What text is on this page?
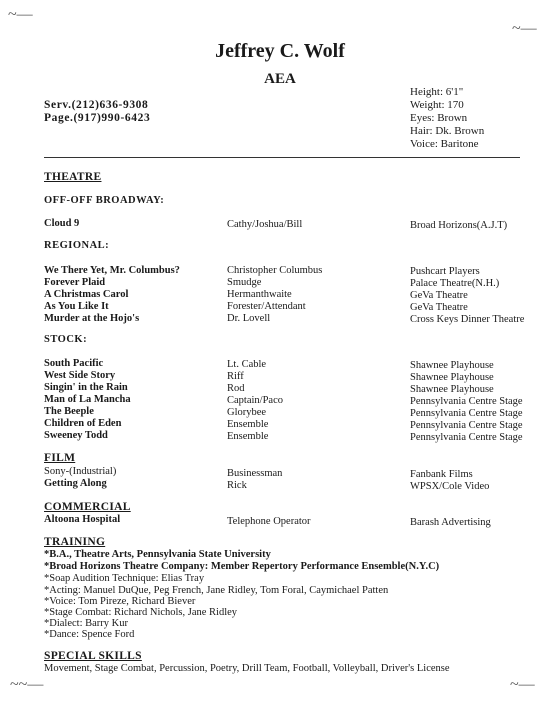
~—
~—
~~—	~—
Jeffrey C. Wolf
AEA
Serv.(212)636-9308
Page.(917)990-6423
Height: 6'1"
Weight: 170
Eyes: Brown
Hair: Dk. Brown
Voice: Baritone
THEATRE
OFF-OFF BROADWAY:
Cloud 9	Cathy/Joshua/Bill	Broad Horizons(A.J.T)
REGIONAL:
We There Yet, Mr. Columbus?	Christopher Columbus	Pushcart Players
Forever Plaid	Smudge	Palace Theatre(N.H.)
A Christmas Carol	Hermanthwaite	GeVa Theatre
As You Like It	Forester/Attendant	GeVa Theatre
Murder at the Hojo's	Dr. Lovell	Cross Keys Dinner Theatre
STOCK:
South Pacific	Lt. Cable	Shawnee Playhouse
West Side Story	Riff	Shawnee Playhouse
Singin' in the Rain	Rod	Shawnee Playhouse
Man of La Mancha	Captain/Paco	Pennsylvania Centre Stage
The Beeple	Glorybee	Pennsylvania Centre Stage
Children of Eden	Ensemble	Pennsylvania Centre Stage
Sweeney Todd	Ensemble	Pennsylvania Centre Stage
FILM
Sony-(Industrial)	Businessman	Fanbank Films
Getting Along	Rick	WPSX/Cole Video
COMMERCIAL
Altoona Hospital	Telephone Operator	Barash Advertising
TRAINING
*B.A., Theatre Arts, Pennsylvania State University
*Broad Horizons Theatre Company: Member Repertory Performance Ensemble(N.Y.C)
*Soap Audition Technique: Elias Tray
*Acting: Manuel DuQue, Peg French, Jane Ridley, Tom Foral, Caymichael Patten
*Voice: Tom Pireze, Richard Biever
*Stage Combat: Richard Nichols, Jane Ridley
*Dialect: Barry Kur
*Dance: Spence Ford
SPECIAL SKILLS
Movement, Stage Combat, Percussion, Poetry, Drill Team, Football, Volleyball, Driver's License
